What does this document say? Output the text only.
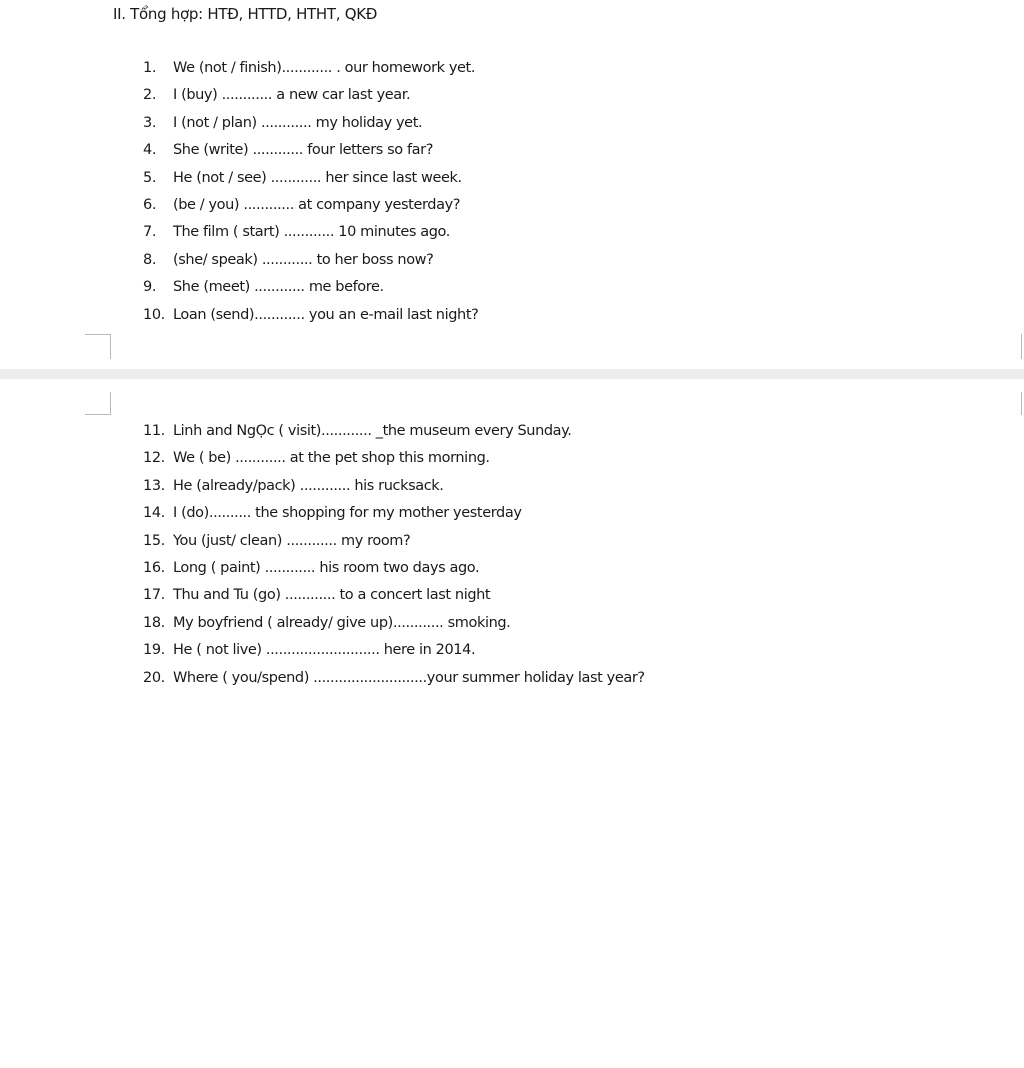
II. Tổng hợp: HTĐ, HTTD, HTHT, QKĐ
1. We (not / finish)............ . our homework yet.
2. I (buy) ............ a new car last year.
3. I (not / plan) ............ my holiday yet.
4. She (write) ............ four letters so far?
5. He (not / see) ............ her since last week.
6. (be / you) ............ at company yesterday?
7. The film ( start) ............ 10 minutes ago.
8. (she/ speak) ............ to her boss now?
9. She (meet) ............ me before.
10. Loan (send)............ you an e-mail last night?
11. Linh and NgỌc ( visit)............ _the museum every Sunday.
12. We ( be) ............ at the pet shop this morning.
13. He (already/pack) ............ his rucksack.
14. I (do).......... the shopping for my mother yesterday
15. You (just/ clean) ............ my room?
16. Long ( paint) ............ his room two days ago.
17. Thu and Tu (go) ............ to a concert last night
18. My boyfriend ( already/ give up)............ smoking.
19. He ( not live) ........................... here in 2014.
20. Where ( you/spend) ...........................your summer holiday last year?
